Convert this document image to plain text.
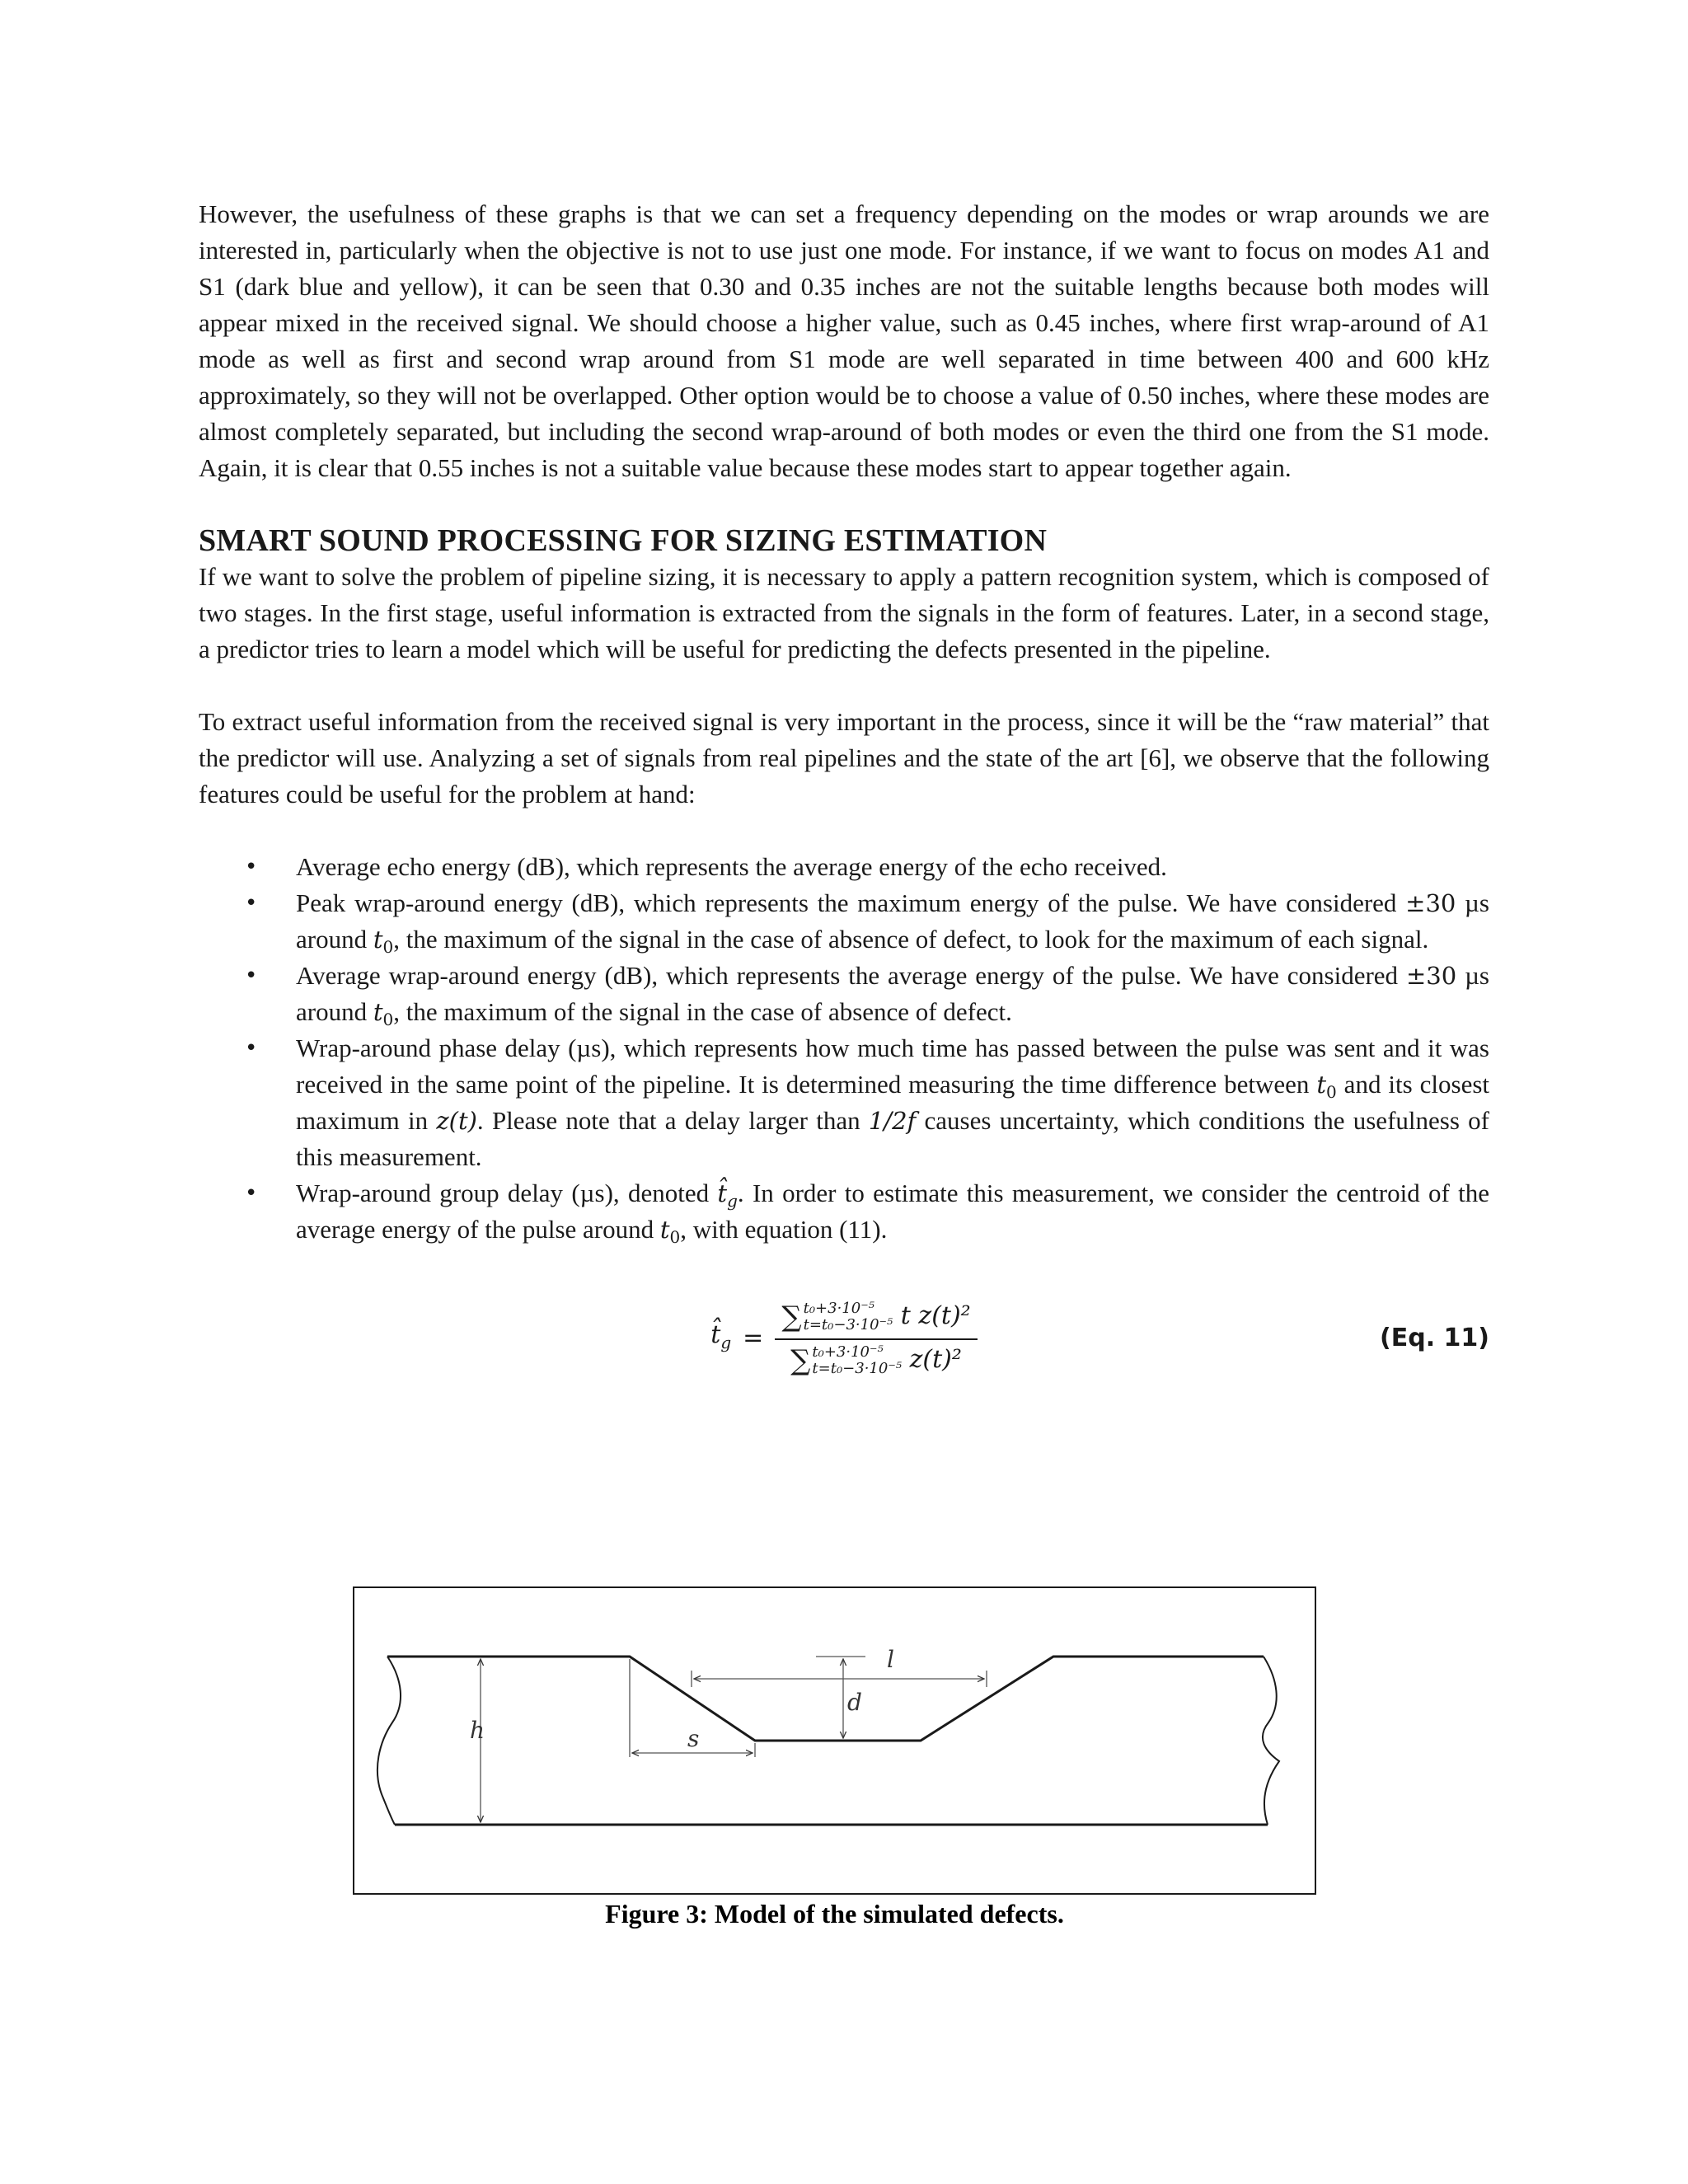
However, the usefulness of these graphs is that we can set a frequency depending on the modes or wrap arounds we are interested in, particularly when the objective is not to use just one mode. For instance, if we want to focus on modes A1 and S1 (dark blue and yellow), it can be seen that 0.30 and 0.35 inches are not the suitable lengths because both modes will appear mixed in the received signal. We should choose a higher value, such as 0.45 inches, where first wrap-around of A1 mode as well as first and second wrap around from S1 mode are well separated in time between 400 and 600 kHz approximately, so they will not be overlapped. Other option would be to choose a value of 0.50 inches, where these modes are almost completely separated, but including the second wrap-around of both modes or even the third one from the S1 mode. Again, it is clear that 0.55 inches is not a suitable value because these modes start to appear together again.

SMART SOUND PROCESSING FOR SIZING ESTIMATION

If we want to solve the problem of pipeline sizing, it is necessary to apply a pattern recognition system, which is composed of two stages. In the first stage, useful information is extracted from the signals in the form of features. Later, in a second stage, a predictor tries to learn a model which will be useful for predicting the defects presented in the pipeline.

To extract useful information from the received signal is very important in the process, since it will be the “raw material” that the predictor will use. Analyzing a set of signals from real pipelines and the state of the art [6], we observe that the following features could be useful for the problem at hand:

• Average echo energy (dB), which represents the average energy of the echo received.
• Peak wrap-around energy (dB), which represents the maximum energy of the pulse. We have considered ±30 µs around $t_0$, the maximum of the signal in the case of absence of defect, to look for the maximum of each signal.
• Average wrap-around energy (dB), which represents the average energy of the pulse. We have considered ±30 µs around $t_0$, the maximum of the signal in the case of absence of defect.
• Wrap-around phase delay (µs), which represents how much time has passed between the pulse was sent and it was received in the same point of the pipeline. It is determined measuring the time difference between $t_0$ and its closest maximum in z(t). Please note that a delay larger than 1/2f causes uncertainty, which conditions the usefulness of this measurement.
• Wrap-around group delay (µs), denoted $t̂_g$. In order to estimate this measurement, we consider the centroid of the average energy of the pulse around $t_0$, with equation (11).
$t̂_g$ = ∑ t₀+3·10⁻⁵
t=t₀−3·10⁻⁵ t z(t)²
∑ t₀+3·10⁻⁵
t=t₀−3·10⁻⁵ z(t)²	(Eq. 11)
h	s
d
l
Figure 3: Model of the simulated defects.
